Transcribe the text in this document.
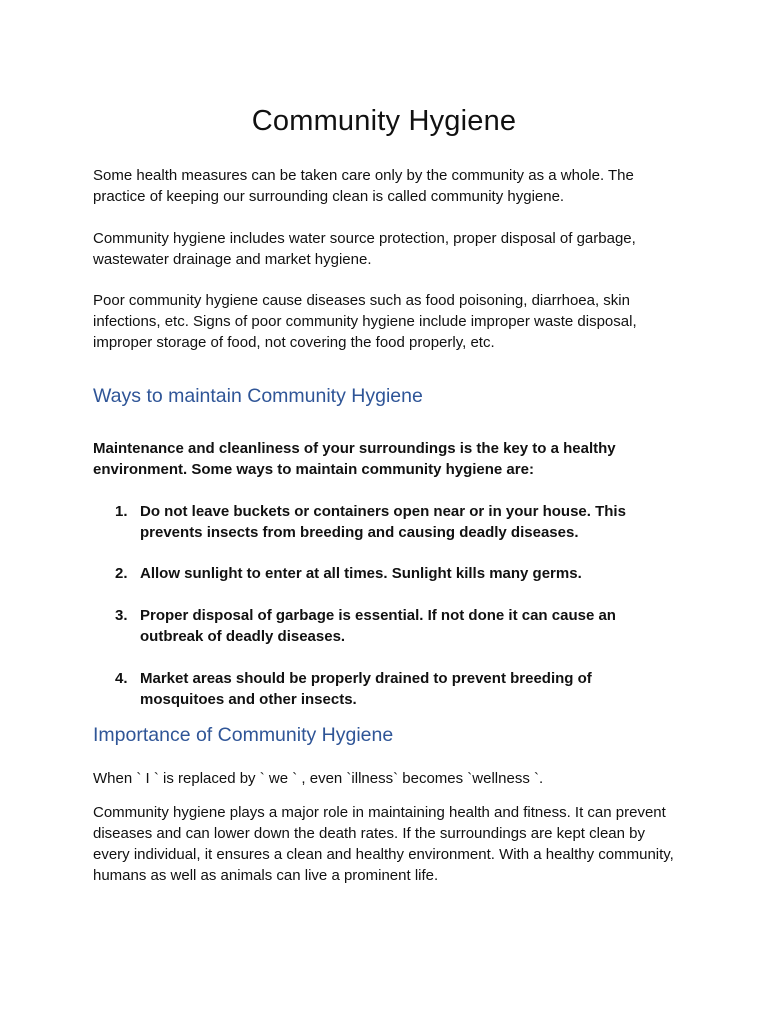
Community Hygiene

Some health measures can be taken care only by the community as a whole. The practice of keeping our surrounding clean is called community hygiene.

Community hygiene includes water source protection, proper disposal of garbage, wastewater drainage and market hygiene.

Poor community hygiene cause diseases such as food poisoning, diarrhoea, skin infections, etc. Signs of poor community hygiene include improper waste disposal, improper storage of food, not covering the food properly, etc.

Ways to maintain Community Hygiene

Maintenance and cleanliness of your surroundings is the key to a healthy environment. Some ways to maintain community hygiene are:

1. Do not leave buckets or containers open near or in your house. This prevents insects from breeding and causing deadly diseases.
2. Allow sunlight to enter at all times. Sunlight kills many germs.
3. Proper disposal of garbage is essential. If not done it can cause an outbreak of deadly diseases.
4. Market areas should be properly drained to prevent breeding of mosquitoes and other insects.
Importance of Community Hygiene

When ` I ` is replaced by ` we ` , even `illness` becomes `wellness `.

Community hygiene plays a major role in maintaining health and fitness. It can prevent diseases and can lower down the death rates. If the surroundings are kept clean by every individual, it ensures a clean and healthy environment. With a healthy community, humans as well as animals can live a prominent life.
